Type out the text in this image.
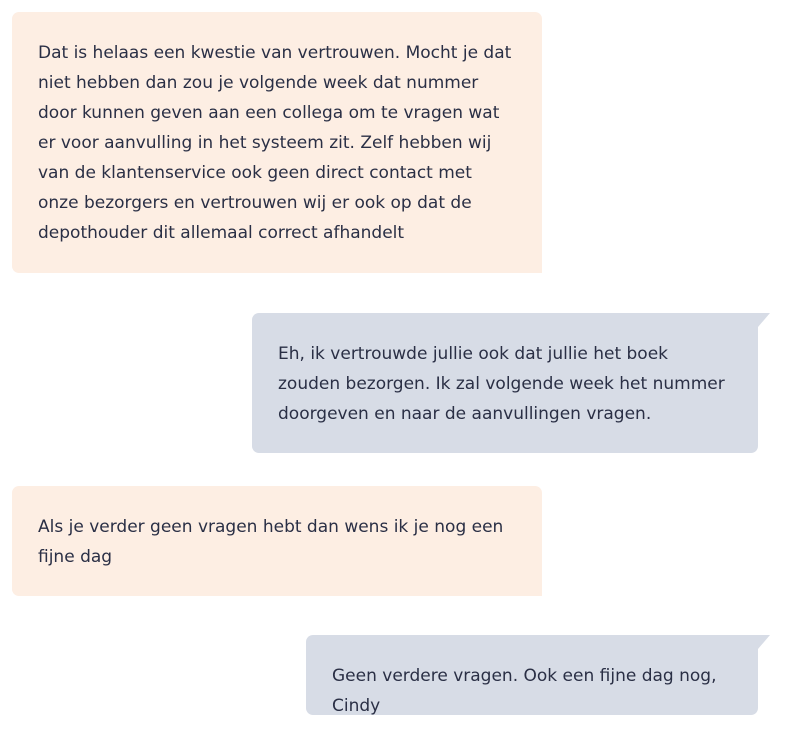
Dat is helaas een kwestie van vertrouwen. Mocht je dat niet hebben dan zou je volgende week dat nummer door kunnen geven aan een collega om te vragen wat er voor aanvulling in het systeem zit. Zelf hebben wij van de klantenservice ook geen direct contact met onze bezorgers en vertrouwen wij er ook op dat de depothouder dit allemaal correct afhandelt
Eh, ik vertrouwde jullie ook dat jullie het boek zouden bezorgen. Ik zal volgende week het nummer doorgeven en naar de aanvullingen vragen.
Als je verder geen vragen hebt dan wens ik je nog een fijne dag
Geen verdere vragen. Ook een fijne dag nog, Cindy
